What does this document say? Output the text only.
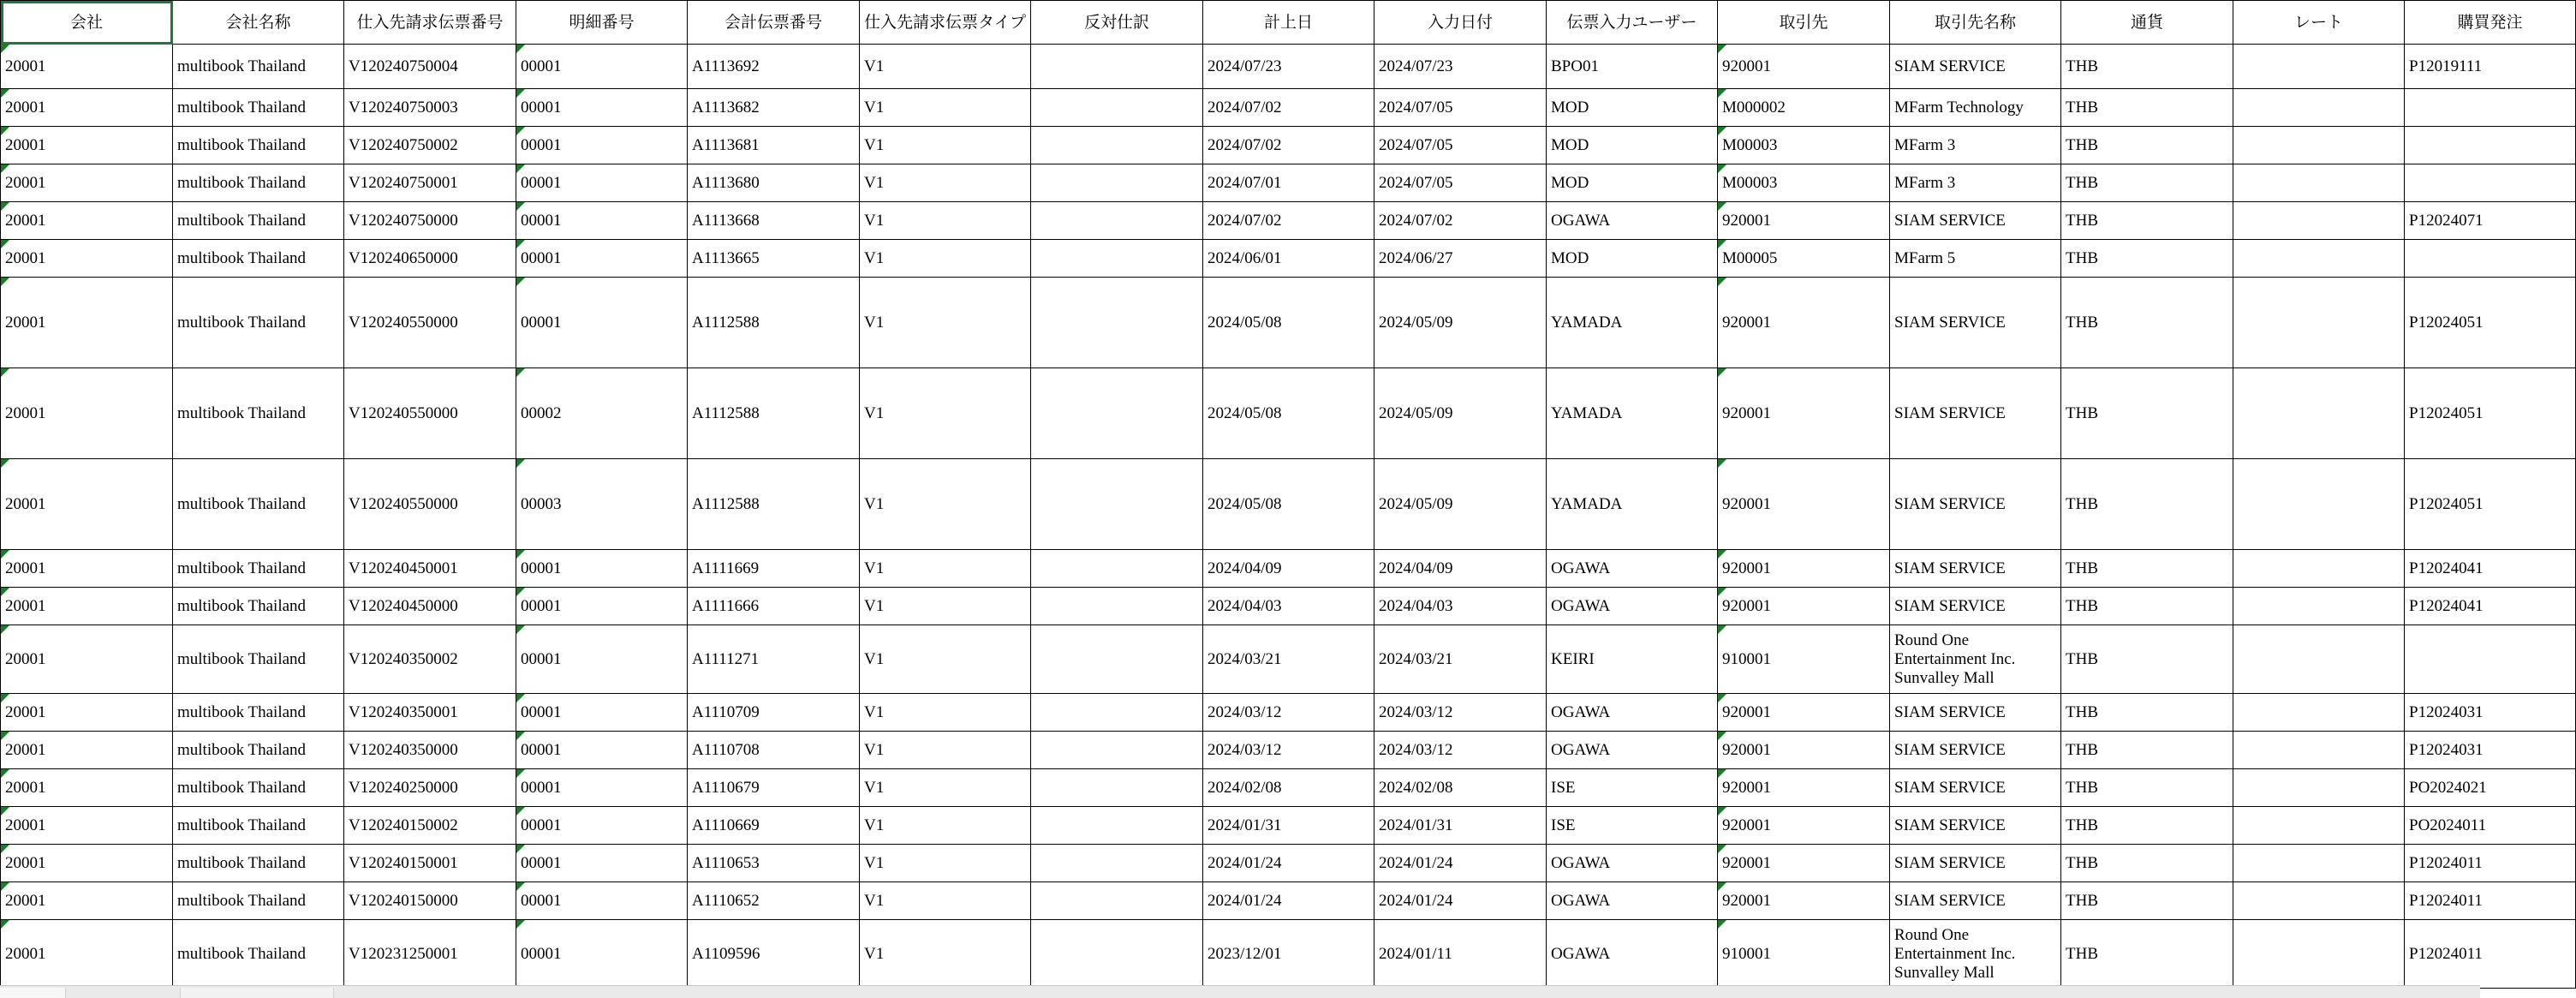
会社	会社名称	仕入先請求伝票番号	明細番号	会計伝票番号	仕入先請求伝票タイプ	反対仕訳	計上日	入力日付	伝票入力ユーザー	取引先	取引先名称	通貨	レート	購買発注
20001	multibook Thailand	V120240750004	00001	A1113692	V1		2024/07/23	2024/07/23	BPO01	920001	SIAM SERVICE	THB		P12019111
20001	multibook Thailand	V120240750003	00001	A1113682	V1		2024/07/02	2024/07/05	MOD	M000002	MFarm Technology	THB		
20001	multibook Thailand	V120240750002	00001	A1113681	V1		2024/07/02	2024/07/05	MOD	M00003	MFarm 3	THB		
20001	multibook Thailand	V120240750001	00001	A1113680	V1		2024/07/01	2024/07/05	MOD	M00003	MFarm 3	THB		
20001	multibook Thailand	V120240750000	00001	A1113668	V1		2024/07/02	2024/07/02	OGAWA	920001	SIAM SERVICE	THB		P12024071
20001	multibook Thailand	V120240650000	00001	A1113665	V1		2024/06/01	2024/06/27	MOD	M00005	MFarm 5	THB		
20001	multibook Thailand	V120240550000	00001	A1112588	V1		2024/05/08	2024/05/09	YAMADA	920001	SIAM SERVICE	THB		P12024051
20001	multibook Thailand	V120240550000	00002	A1112588	V1		2024/05/08	2024/05/09	YAMADA	920001	SIAM SERVICE	THB		P12024051
20001	multibook Thailand	V120240550000	00003	A1112588	V1		2024/05/08	2024/05/09	YAMADA	920001	SIAM SERVICE	THB		P12024051
20001	multibook Thailand	V120240450001	00001	A1111669	V1		2024/04/09	2024/04/09	OGAWA	920001	SIAM SERVICE	THB		P12024041
20001	multibook Thailand	V120240450000	00001	A1111666	V1		2024/04/03	2024/04/03	OGAWA	920001	SIAM SERVICE	THB		P12024041
20001	multibook Thailand	V120240350002	00001	A1111271	V1		2024/03/21	2024/03/21	KEIRI	910001	Round One Entertainment Inc. Sunvalley Mall	THB		
20001	multibook Thailand	V120240350001	00001	A1110709	V1		2024/03/12	2024/03/12	OGAWA	920001	SIAM SERVICE	THB		P12024031
20001	multibook Thailand	V120240350000	00001	A1110708	V1		2024/03/12	2024/03/12	OGAWA	920001	SIAM SERVICE	THB		P12024031
20001	multibook Thailand	V120240250000	00001	A1110679	V1		2024/02/08	2024/02/08	ISE	920001	SIAM SERVICE	THB		PO2024021
20001	multibook Thailand	V120240150002	00001	A1110669	V1		2024/01/31	2024/01/31	ISE	920001	SIAM SERVICE	THB		PO2024011
20001	multibook Thailand	V120240150001	00001	A1110653	V1		2024/01/24	2024/01/24	OGAWA	920001	SIAM SERVICE	THB		P12024011
20001	multibook Thailand	V120240150000	00001	A1110652	V1		2024/01/24	2024/01/24	OGAWA	920001	SIAM SERVICE	THB		P12024011
20001	multibook Thailand	V120231250001	00001	A1109596	V1		2023/12/01	2024/01/11	OGAWA	910001	Round One Entertainment Inc. Sunvalley Mall	THB		P12024011
